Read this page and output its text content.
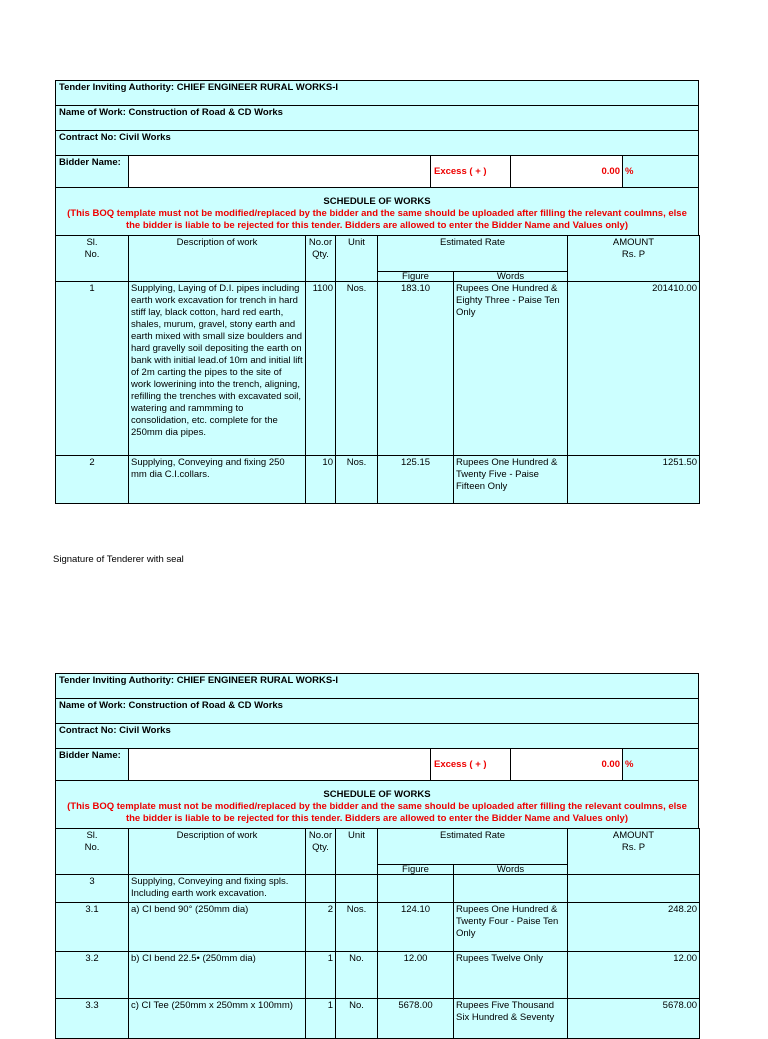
Tender Inviting Authority: CHIEF ENGINEER RURAL WORKS-I
Name of Work: Construction of Road & CD Works
Contract No: Civil Works
Bidder Name:
Excess ( + )	0.00 %
SCHEDULE OF WORKS
(This BOQ template must not be modified/replaced by the bidder and the same should be uploaded after filling the relevant coulmns, else the bidder is liable to be rejected for this tender. Bidders are allowed to enter the Bidder Name and Values only)
Sl.
No.	Description of work	No.or
Qty.	Unit	Estimated Rate		AMOUNT
Rs. P
				Figure	Words	
1	Supplying, Laying of D.I. pipes including earth work excavation for trench in hard stiff lay, black cotton, hard red earth, shales, murum, gravel, stony earth and earth mixed with small size boulders and hard gravelly soil depositing the earth on bank with initial lead.of 10m and initial lift of 2m carting the pipes to the site of work lowerining into the trench, aligning, refilling the trenches with excavated soil, watering and rammming to consolidation, etc. complete for the 250mm dia pipes.	1100	Nos.	183.10	Rupees One Hundred & Eighty Three - Paise Ten Only	201410.00
2	Supplying, Conveying and fixing 250 mm dia C.I.collars.	10	Nos.	125.15	Rupees One Hundred & Twenty Five - Paise Fifteen Only	1251.50
Signature of Tenderer with seal
Tender Inviting Authority: CHIEF ENGINEER RURAL WORKS-I
Name of Work: Construction of Road & CD Works
Contract No: Civil Works
Bidder Name:
Excess ( + )	0.00 %
SCHEDULE OF WORKS
(This BOQ template must not be modified/replaced by the bidder and the same should be uploaded after filling the relevant coulmns, else the bidder is liable to be rejected for this tender. Bidders are allowed to enter the Bidder Name and Values only)
Sl.
No.	Description of work	No.or
Qty.	Unit	Estimated Rate		AMOUNT
Rs. P
				Figure	Words	
3	Supplying, Conveying and fixing spls. Including earth work excavation.					
3.1	a) CI bend 90° (250mm dia)	2	Nos.	124.10	Rupees One Hundred & Twenty Four - Paise Ten Only	248.20
3.2	b) CI bend 22.5• (250mm dia)	1	No.	12.00	Rupees Twelve Only	12.00
3.3	c) CI Tee (250mm x 250mm x 100mm)	1	No.	5678.00	Rupees Five Thousand Six Hundred & Seventy	5678.00
